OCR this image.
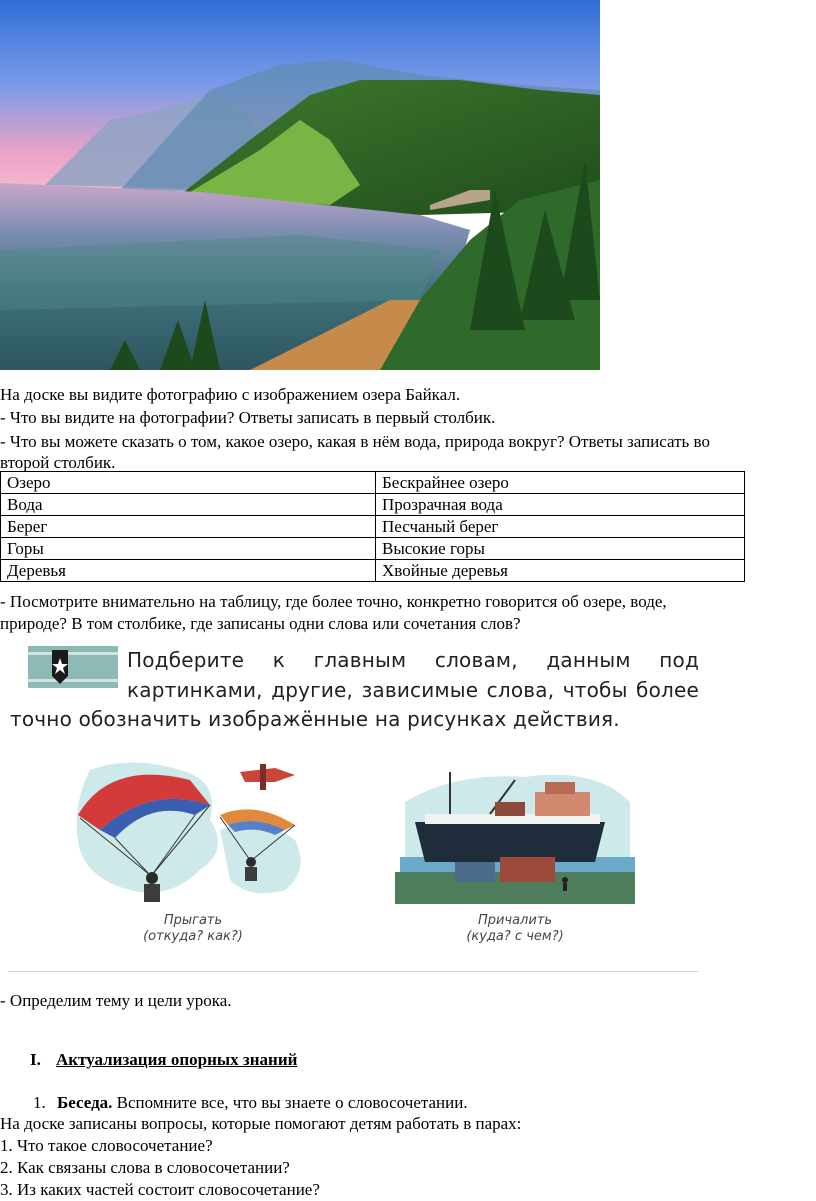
На доске вы видите фотографию с изображением озера Байкал.
- Что вы видите на фотографии? Ответы записать в первый столбик.
- Что вы можете сказать о том, какое озеро, какая в нём вода, природа вокруг? Ответы записать во
второй столбик.
Озеро	Бескрайнее озеро
Вода	Прозрачная вода
Берег	Песчаный берег
Горы	Высокие горы
Деревья	Хвойные деревья
- Посмотрите внимательно на таблицу, где более точно, конкретно говорится об озере, воде,
природе? В том столбике, где записаны одни слова или сочетания слов?
Подберите к главным словам, данным под
картинками, другие, зависимые слова, чтобы более
точно обозначить изображённые на рисунках действия.
Прыгать
(откуда? как?)
Причалить
(куда? с чем?)
- Определим тему и цели урока.
I. Актуализация опорных знаний
1. Беседа. Вспомните все, что вы знаете о словосочетании.
На доске записаны вопросы, которые помогают детям работать в парах:
1. Что такое словосочетание?
2. Как связаны слова в словосочетании?
3. Из каких частей состоит словосочетание?
